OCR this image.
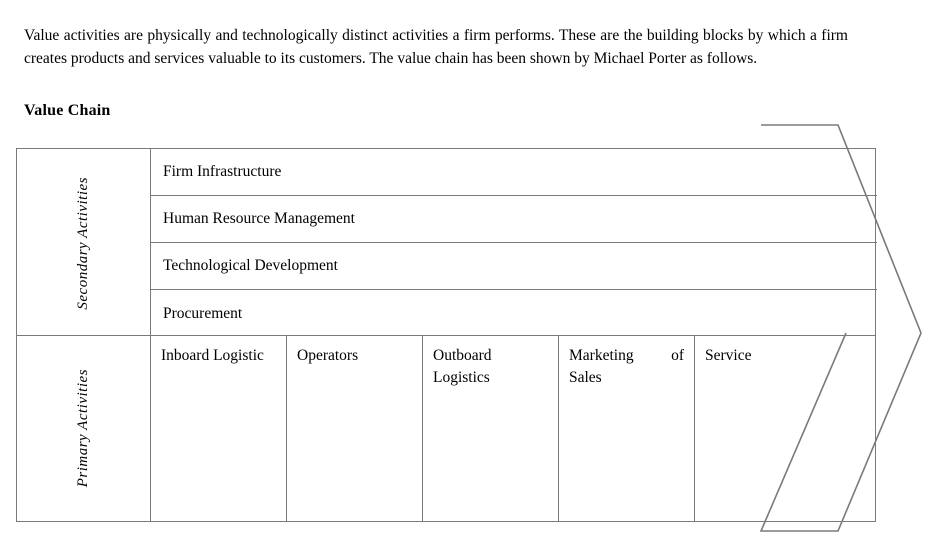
Value activities are physically and technologically distinct activities a firm performs. These are the building blocks by which a firm creates products and services valuable to its customers. The value chain has been shown by Michael Porter as follows.

Value Chain
Secondary Activities
Firm Infrastructure
Human Resource Management
Technological Development
Procurement
Primary Activities
Inboard Logistic	Operators	Outboard Logistics
Marketing of Sales
Service
